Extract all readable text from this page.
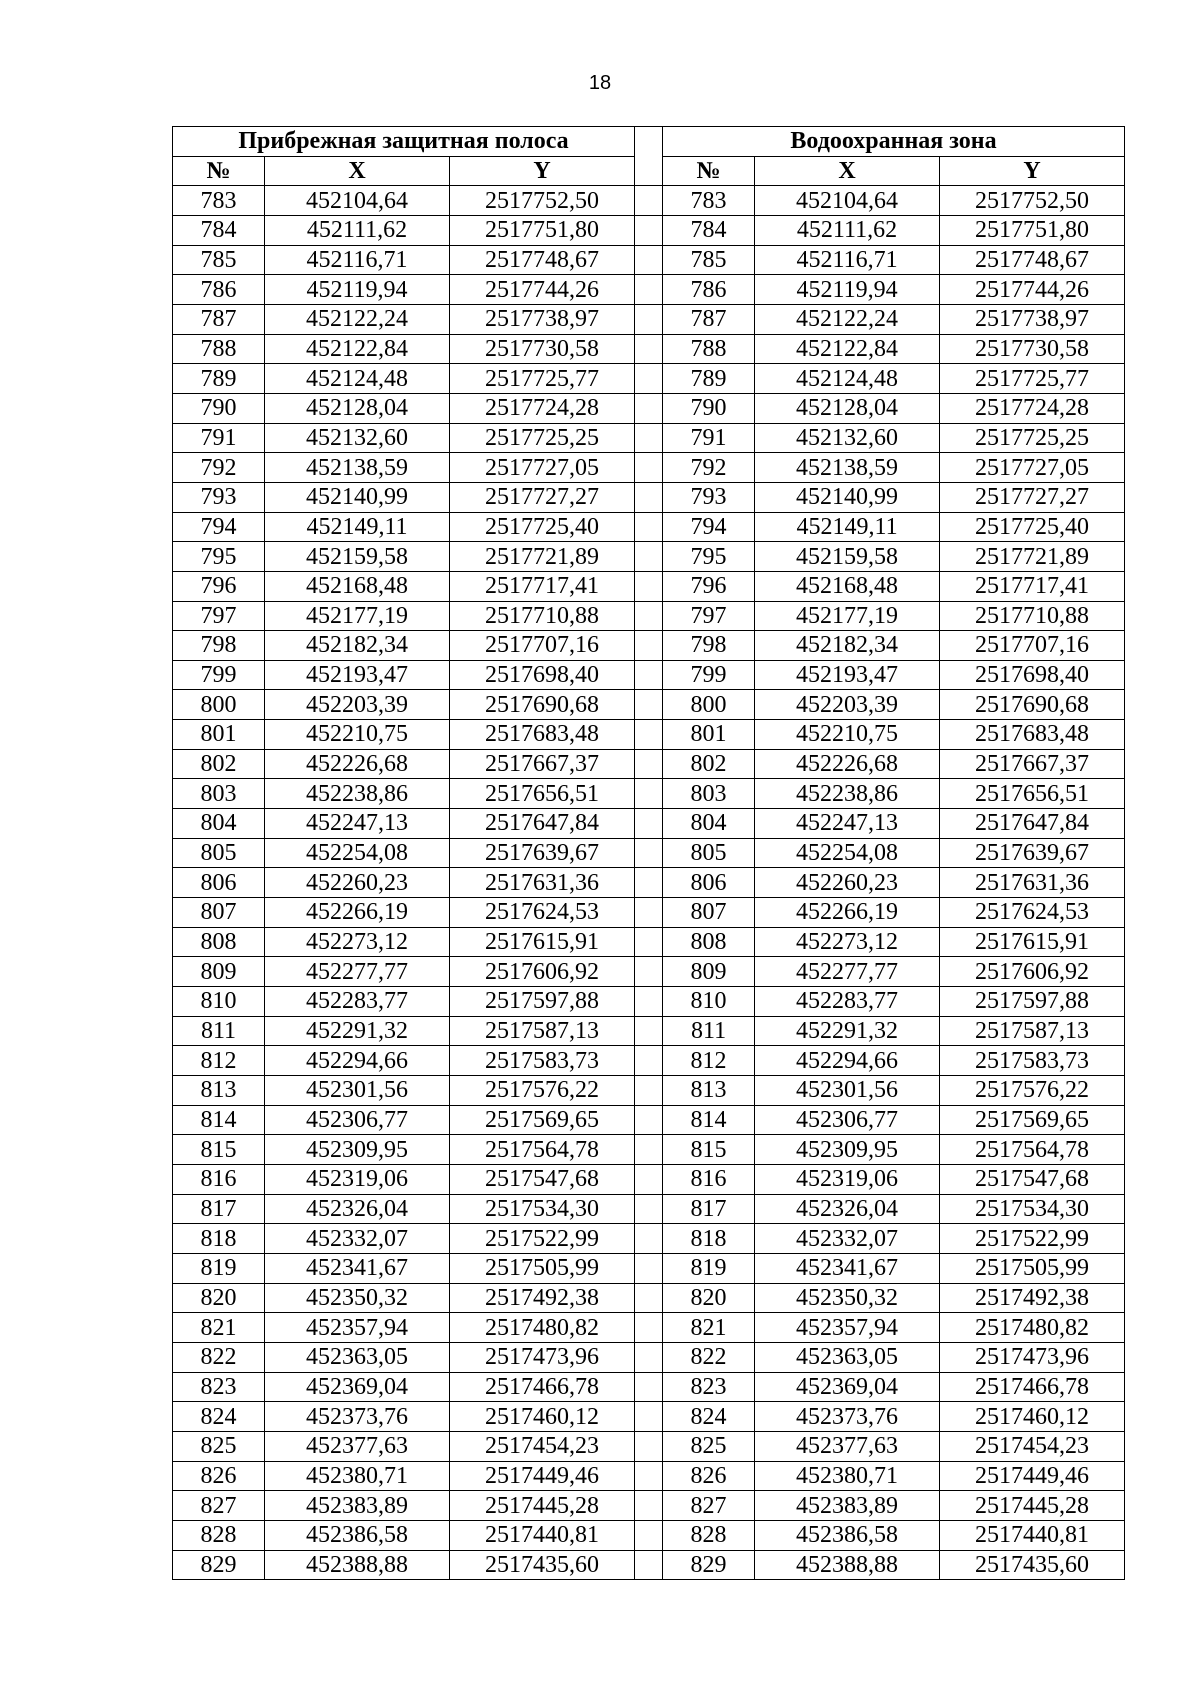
18
Прибрежная защитная полоса				Водоохранная зона		
№	X	Y		№	X	Y
783	452104,64	2517752,50		783	452104,64	2517752,50
784	452111,62	2517751,80		784	452111,62	2517751,80
785	452116,71	2517748,67		785	452116,71	2517748,67
786	452119,94	2517744,26		786	452119,94	2517744,26
787	452122,24	2517738,97		787	452122,24	2517738,97
788	452122,84	2517730,58		788	452122,84	2517730,58
789	452124,48	2517725,77		789	452124,48	2517725,77
790	452128,04	2517724,28		790	452128,04	2517724,28
791	452132,60	2517725,25		791	452132,60	2517725,25
792	452138,59	2517727,05		792	452138,59	2517727,05
793	452140,99	2517727,27		793	452140,99	2517727,27
794	452149,11	2517725,40		794	452149,11	2517725,40
795	452159,58	2517721,89		795	452159,58	2517721,89
796	452168,48	2517717,41		796	452168,48	2517717,41
797	452177,19	2517710,88		797	452177,19	2517710,88
798	452182,34	2517707,16		798	452182,34	2517707,16
799	452193,47	2517698,40		799	452193,47	2517698,40
800	452203,39	2517690,68		800	452203,39	2517690,68
801	452210,75	2517683,48		801	452210,75	2517683,48
802	452226,68	2517667,37		802	452226,68	2517667,37
803	452238,86	2517656,51		803	452238,86	2517656,51
804	452247,13	2517647,84		804	452247,13	2517647,84
805	452254,08	2517639,67		805	452254,08	2517639,67
806	452260,23	2517631,36		806	452260,23	2517631,36
807	452266,19	2517624,53		807	452266,19	2517624,53
808	452273,12	2517615,91		808	452273,12	2517615,91
809	452277,77	2517606,92		809	452277,77	2517606,92
810	452283,77	2517597,88		810	452283,77	2517597,88
811	452291,32	2517587,13		811	452291,32	2517587,13
812	452294,66	2517583,73		812	452294,66	2517583,73
813	452301,56	2517576,22		813	452301,56	2517576,22
814	452306,77	2517569,65		814	452306,77	2517569,65
815	452309,95	2517564,78		815	452309,95	2517564,78
816	452319,06	2517547,68		816	452319,06	2517547,68
817	452326,04	2517534,30		817	452326,04	2517534,30
818	452332,07	2517522,99		818	452332,07	2517522,99
819	452341,67	2517505,99		819	452341,67	2517505,99
820	452350,32	2517492,38		820	452350,32	2517492,38
821	452357,94	2517480,82		821	452357,94	2517480,82
822	452363,05	2517473,96		822	452363,05	2517473,96
823	452369,04	2517466,78		823	452369,04	2517466,78
824	452373,76	2517460,12		824	452373,76	2517460,12
825	452377,63	2517454,23		825	452377,63	2517454,23
826	452380,71	2517449,46		826	452380,71	2517449,46
827	452383,89	2517445,28		827	452383,89	2517445,28
828	452386,58	2517440,81		828	452386,58	2517440,81
829	452388,88	2517435,60		829	452388,88	2517435,60
